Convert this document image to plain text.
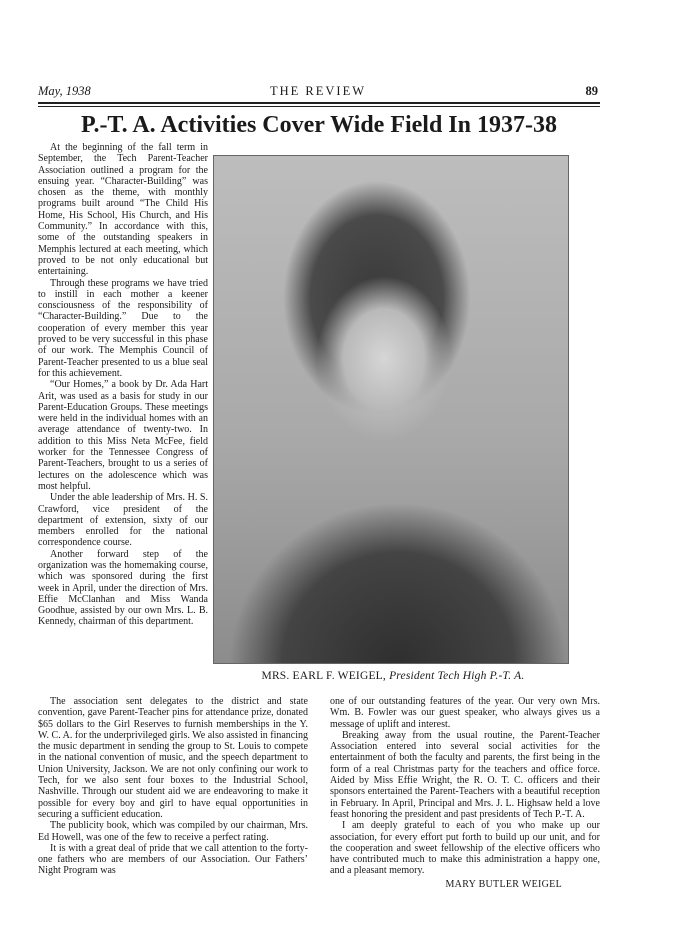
May, 1938	THE REVIEW	89
P.-T. A. Activities Cover Wide Field In 1937-38

At the beginning of the fall term in September, the Tech Parent-Teacher Association outlined a program for the ensuing year. “Character-Building” was chosen as the theme, with monthly programs built around “The Child His Home, His School, His Church, and His Community.” In accordance with this, some of the outstanding speakers in Memphis lectured at each meeting, which proved to be not only educational but entertaining.

Through these programs we have tried to instill in each mother a keener consciousness of the responsibility of “Character-Building.” Due to the cooperation of every member this year proved to be very successful in this phase of our work. The Memphis Council of Parent-Teacher presented to us a blue seal for this achievement.

“Our Homes,” a book by Dr. Ada Hart Arit, was used as a basis for study in our Parent-Education Groups. These meetings were held in the individual homes with an average attendance of twenty-two. In addition to this Miss Neta McFee, field worker for the Tennessee Congress of Parent-Teachers, brought to us a series of lectures on the adolescence which was most helpful.

Under the able leadership of Mrs. H. S. Crawford, vice president of the department of extension, sixty of our members enrolled for the national correspondence course.

Another forward step of the organization was the homemaking course, which was sponsored during the first week in April, under the direction of Mrs. Effie McClanhan and Miss Wanda Goodhue, assisted by our own Mrs. L. B. Kennedy, chairman of this department.

MRS. EARL F. WEIGEL, President Tech High P.-T. A.

The association sent delegates to the district and state convention, gave Parent-Teacher pins for attendance prize, donated $65 dollars to the Girl Reserves to furnish memberships in the Y. W. C. A. for the underprivileged girls. We also assisted in financing the music department in sending the group to St. Louis to compete in the national convention of music, and the speech department to Union University, Jackson. We are not only confining our work to Tech, for we also sent four boxes to the Industrial School, Nashville. Through our student aid we are endeavoring to make it possible for every boy and girl to have equal opportunities in securing a sufficient education.

The publicity book, which was compiled by our chairman, Mrs. Ed Howell, was one of the few to receive a perfect rating.

It is with a great deal of pride that we call attention to the forty-one fathers who are members of our Association. Our Fathers’ Night Program was

one of our outstanding features of the year. Our very own Mrs. Wm. B. Fowler was our guest speaker, who always gives us a message of uplift and interest.

Breaking away from the usual routine, the Parent-Teacher Association entered into several social activities for the entertainment of both the faculty and parents, the first being in the form of a real Christmas party for the teachers and office force. Aided by Miss Effie Wright, the R. O. T. C. officers and their sponsors entertained the Parent-Teachers with a beautiful reception in February. In April, Principal and Mrs. J. L. Highsaw held a love feast honoring the president and past presidents of Tech P.-T. A.

I am deeply grateful to each of you who make up our association, for every effort put forth to build up our unit, and for the cooperation and sweet fellowship of the elective officers who have contributed much to make this administration a happy one, and a pleasant memory.

MARY BUTLER WEIGEL
